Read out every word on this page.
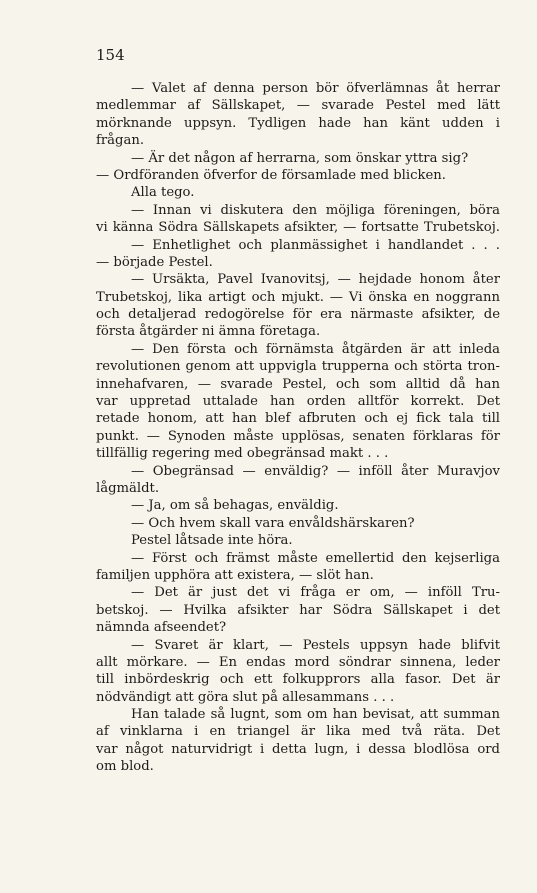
154
— Valet af denna person bör öfverlämnas åt herrar
medlemmar af Sällskapet, — svarade Pestel med lätt
mörknande uppsyn. Tydligen hade han känt udden i
frågan.
— Är det någon af herrarna, som önskar yttra sig?
— Ordföranden öfverfor de församlade med blicken.
Alla tego.
— Innan vi diskutera den möjliga föreningen, böra
vi känna Södra Sällskapets afsikter, — fortsatte Trubetskoj.
— Enhetlighet och planmässighet i handlandet . . .
— började Pestel.
— Ursäkta, Pavel Ivanovitsj, — hejdade honom åter
Trubetskoj, lika artigt och mjukt. — Vi önska en noggrann
och detaljerad redogörelse för era närmaste afsikter, de
första åtgärder ni ämna företaga.
— Den första och förnämsta åtgärden är att inleda
revolutionen genom att uppvigla trupperna och störta tron-
innehafvaren, — svarade Pestel, och som alltid då han
var uppretad uttalade han orden alltför korrekt. Det
retade honom, att han blef afbruten och ej fick tala till
punkt. — Synoden måste upplösas, senaten förklaras för
tillfällig regering med obegränsad makt . . .
— Obegränsad — enväldig? — inföll åter Muravjov
lågmäldt.
— Ja, om så behagas, enväldig.
— Och hvem skall vara envåldshärskaren?
Pestel låtsade inte höra.
— Först och främst måste emellertid den kejserliga
familjen upphöra att existera, — slöt han.
— Det är just det vi fråga er om, — inföll Tru-
betskoj. — Hvilka afsikter har Södra Sällskapet i det
nämnda afseendet?
— Svaret är klart, — Pestels uppsyn hade blifvit
allt mörkare. — En endas mord söndrar sinnena, leder
till inbördeskrig och ett folkupprors alla fasor. Det är
nödvändigt att göra slut på allesammans . . .
Han talade så lugnt, som om han bevisat, att summan
af vinklarna i en triangel är lika med två räta. Det
var något naturvidrigt i detta lugn, i dessa blodlösa ord
om blod.
